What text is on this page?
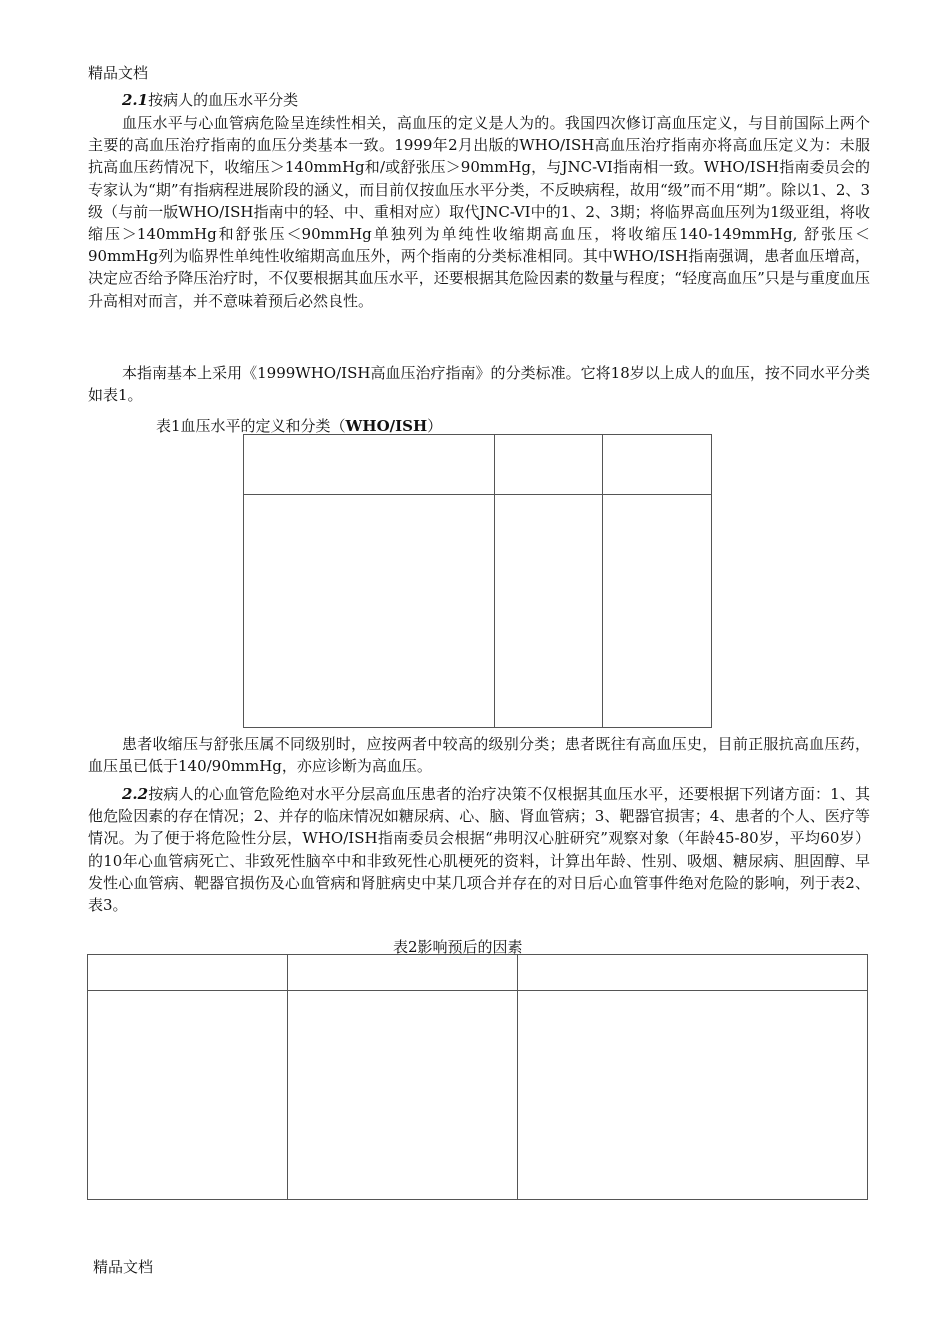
精品文档
2.1按病人的血压水平分类

血压水平与心血管病危险呈连续性相关，高血压的定义是人为的。我国四次修订高血压定义，与目前国际上两个主要的高血压治疗指南的血压分类基本一致。1999年2月出版的WHO/ISH高血压治疗指南亦将高血压定义为：未服抗高血压药情况下，收缩压＞140mmHg和/或舒张压＞90mmHg，与JNC-VI指南相一致。WHO/ISH指南委员会的专家认为“期”有指病程进展阶段的涵义，而目前仅按血压水平分类，不反映病程，故用“级”而不用“期”。除以1、2、3级（与前一版WHO/ISH指南中的轻、中、重相对应）取代JNC-VI中的1、2、3期；将临界高血压列为1级亚组，将收缩压＞140mmHg和舒张压＜90mmHg单独列为单纯性收缩期高血压，将收缩压140-149mmHg, 舒张压＜90mmHg列为临界性单纯性收缩期高血压外，两个指南的分类标准相同。其中WHO/ISH指南强调，患者血压增高，决定应否给予降压治疗时，不仅要根据其血压水平，还要根据其危险因素的数量与程度；“轻度高血压”只是与重度血压升高相对而言，并不意味着预后必然良性。

本指南基本上采用《1999WHO/ISH高血压治疗指南》的分类标准。它将18岁以上成人的血压，按不同水平分类如表1。

表1血压水平的定义和分类（WHO/ISH）

患者收缩压与舒张压属不同级别时，应按两者中较高的级别分类；患者既往有高血压史，目前正服抗高血压药，血压虽已低于140/90mmHg，亦应诊断为高血压。

2.2按病人的心血管危险绝对水平分层高血压患者的治疗决策不仅根据其血压水平，还要根据下列诸方面：1、其他危险因素的存在情况；2、并存的临床情况如糖尿病、心、脑、肾血管病；3、靶器官损害；4、患者的个人、医疗等情况。为了便于将危险性分层，WHO/ISH指南委员会根据“弗明汉心脏研究”观察对象（年龄45-80岁，平均60岁）的10年心血管病死亡、非致死性脑卒中和非致死性心肌梗死的资料，计算出年龄、性别、吸烟、糖尿病、胆固醇、早发性心血管病、靶器官损伤及心血管病和肾脏病史中某几项合并存在的对日后心血管事件绝对危险的影响，列于表2、表3。

表2影响预后的因素

精品文档
